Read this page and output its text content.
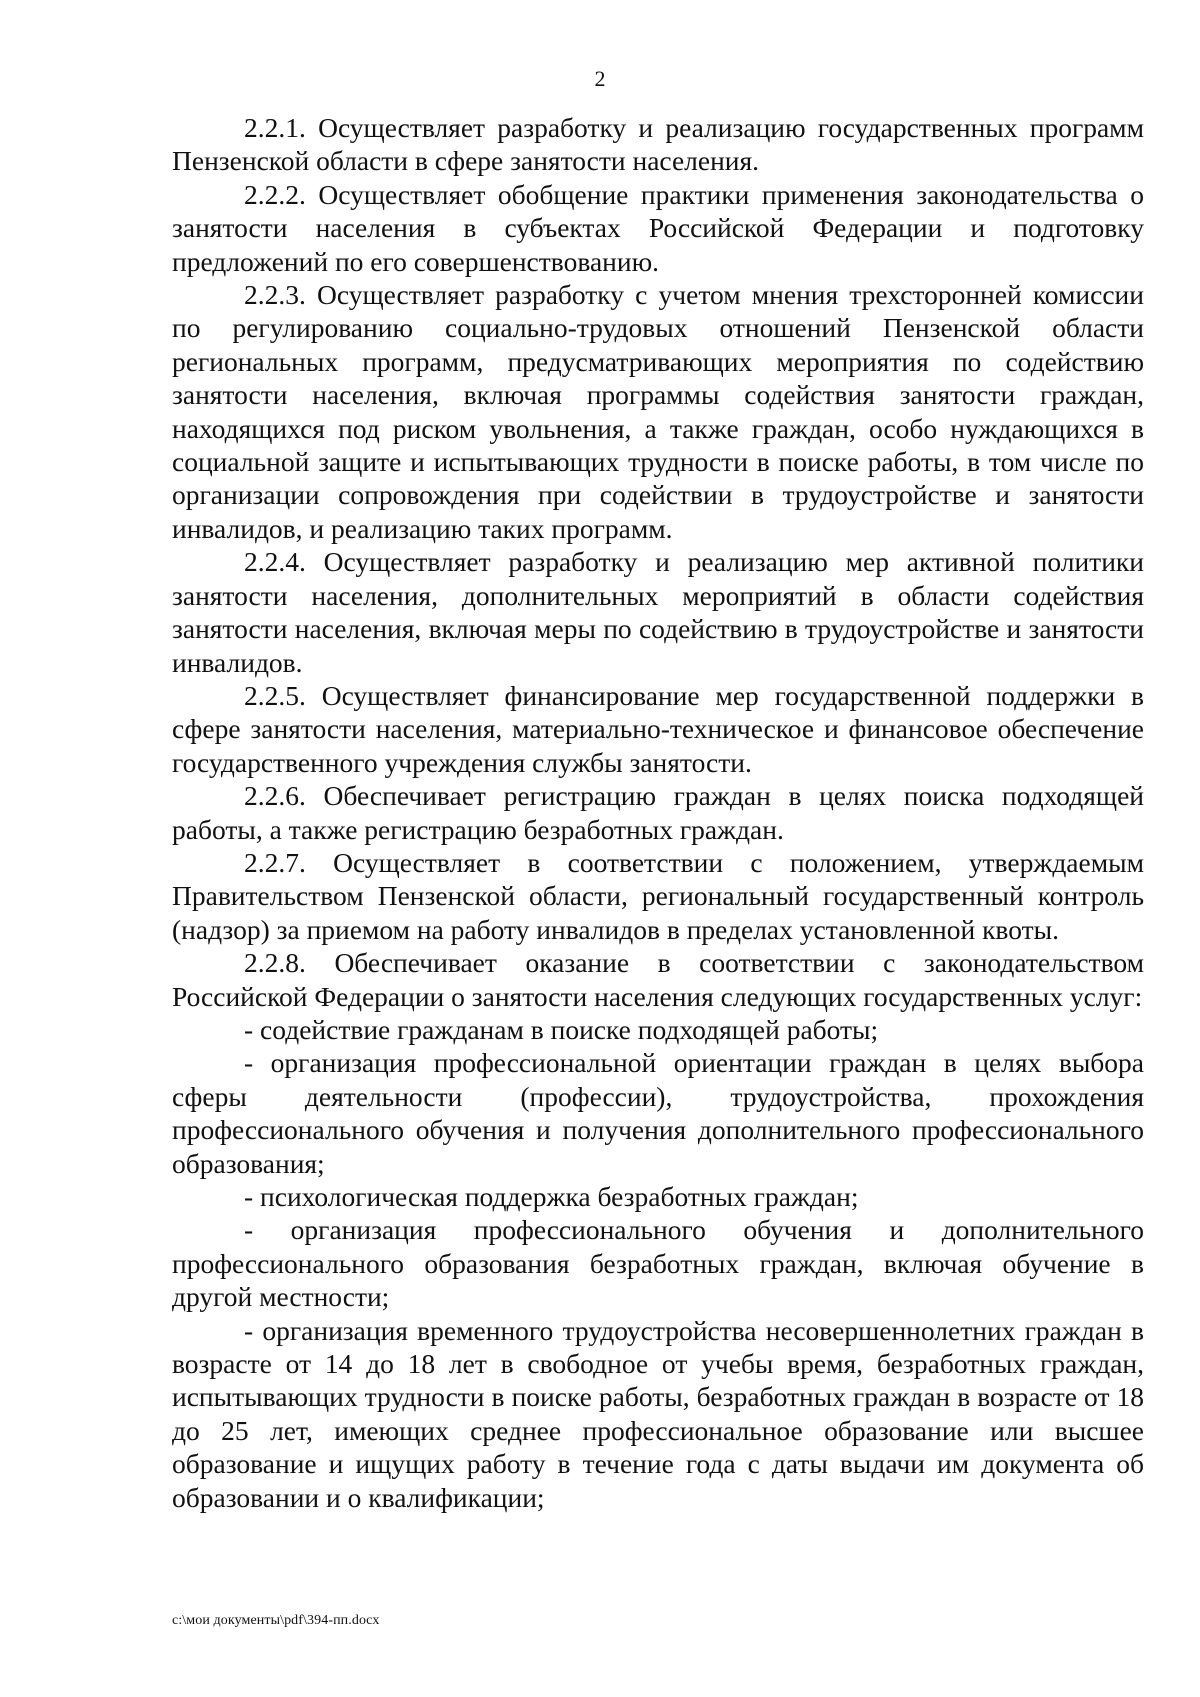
2

2.2.1. Осуществляет разработку и реализацию государственных программ Пензенской области в сфере занятости населения.

2.2.2. Осуществляет обобщение практики применения законодательства о занятости населения в субъектах Российской Федерации и подготовку предложений по его совершенствованию.

2.2.3. Осуществляет разработку с учетом мнения трехсторонней комиссии по регулированию социально-трудовых отношений Пензенской области региональных программ, предусматривающих мероприятия по содействию занятости населения, включая программы содействия занятости граждан, находящихся под риском увольнения, а также граждан, особо нуждающихся в социальной защите и испытывающих трудности в поиске работы, в том числе по организации сопровождения при содействии в трудоустройстве и занятости инвалидов, и реализацию таких программ.

2.2.4. Осуществляет разработку и реализацию мер активной политики занятости населения, дополнительных мероприятий в области содействия занятости населения, включая меры по содействию в трудоустройстве и занятости инвалидов.

2.2.5. Осуществляет финансирование мер государственной поддержки в сфере занятости населения, материально-техническое и финансовое обеспечение государственного учреждения службы занятости.

2.2.6. Обеспечивает регистрацию граждан в целях поиска подходящей работы, а также регистрацию безработных граждан.

2.2.7. Осуществляет в соответствии с положением, утверждаемым Правительством Пензенской области, региональный государственный контроль (надзор) за приемом на работу инвалидов в пределах установленной квоты.

2.2.8. Обеспечивает оказание в соответствии с законодательством Российской Федерации о занятости населения следующих государственных услуг:

- содействие гражданам в поиске подходящей работы;

- организация профессиональной ориентации граждан в целях выбора сферы деятельности (профессии), трудоустройства, прохождения профессионального обучения и получения дополнительного профессионального образования;

- психологическая поддержка безработных граждан;

- организация профессионального обучения и дополнительного профессионального образования безработных граждан, включая обучение в другой местности;

- организация временного трудоустройства несовершеннолетних граждан в возрасте от 14 до 18 лет в свободное от учебы время, безработных граждан, испытывающих трудности в поиске работы, безработных граждан в возрасте от 18 до 25 лет, имеющих среднее профессиональное образование или высшее образование и ищущих работу в течение года с даты выдачи им документа об образовании и о квалификации;

c:\мои документы\pdf\394-пп.docx
